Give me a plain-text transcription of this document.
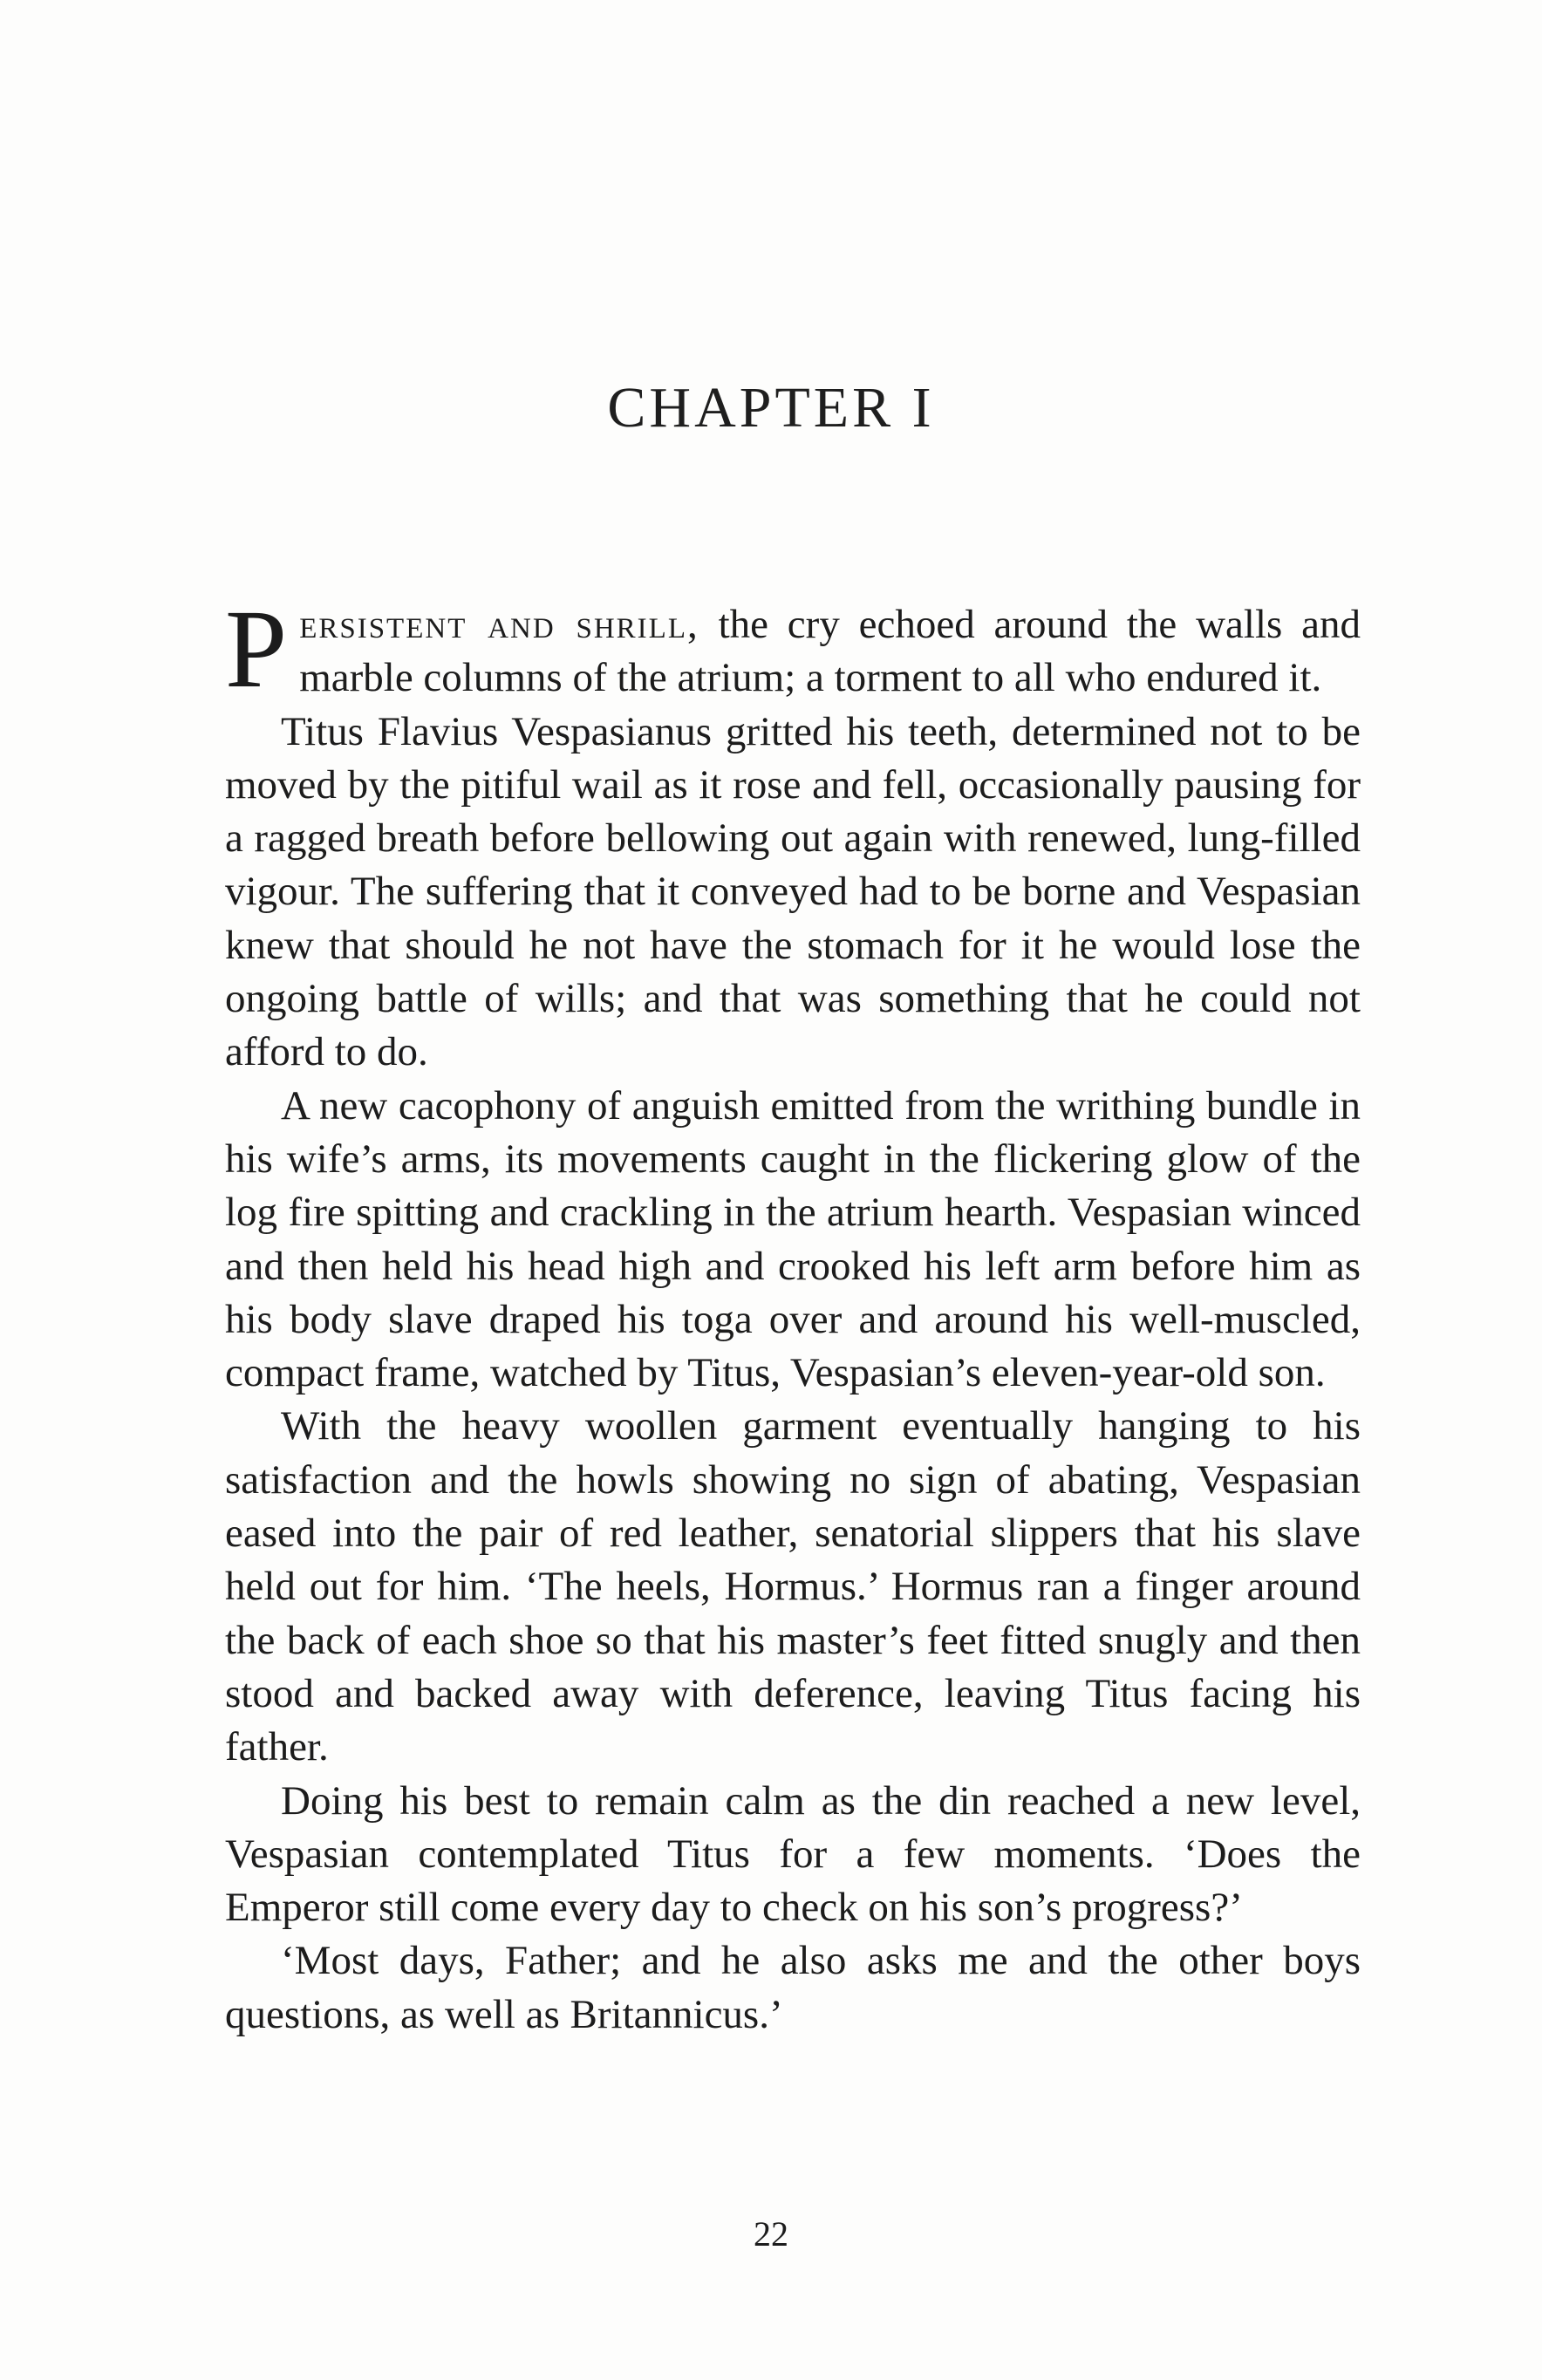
CHAPTER I

Persistent and shrill, the cry echoed around the walls and marble columns of the atrium; a torment to all who endured it.

Titus Flavius Vespasianus gritted his teeth, determined not to be moved by the pitiful wail as it rose and fell, occasionally pausing for a ragged breath before bellowing out again with renewed, lung-filled vigour. The suffering that it conveyed had to be borne and Vespasian knew that should he not have the stomach for it he would lose the ongoing battle of wills; and that was something that he could not afford to do.

A new cacophony of anguish emitted from the writhing bundle in his wife’s arms, its movements caught in the flickering glow of the log fire spitting and crackling in the atrium hearth. Vespasian winced and then held his head high and crooked his left arm before him as his body slave draped his toga over and around his well-muscled, compact frame, watched by Titus, Vespasian’s eleven-year-old son.

With the heavy woollen garment eventually hanging to his satisfaction and the howls showing no sign of abating, Vespasian eased into the pair of red leather, senatorial slippers that his slave held out for him. ‘The heels, Hormus.’ Hormus ran a finger around the back of each shoe so that his master’s feet fitted snugly and then stood and backed away with deference, leaving Titus facing his father.

Doing his best to remain calm as the din reached a new level, Vespasian contemplated Titus for a few moments. ‘Does the Emperor still come every day to check on his son’s progress?’

‘Most days, Father; and he also asks me and the other boys questions, as well as Britannicus.’

22
